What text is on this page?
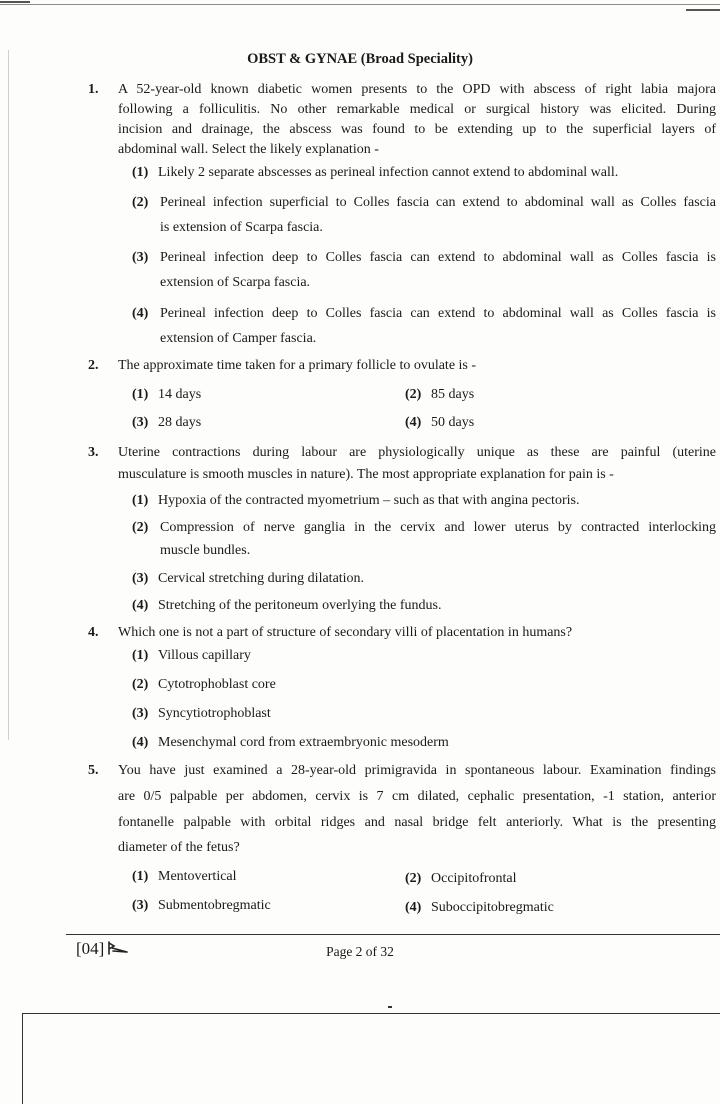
OBST & GYNAE (Broad Speciality)
1. A 52-year-old known diabetic women presents to the OPD with abscess of right labia majora
following a folliculitis. No other remarkable medical or surgical history was elicited. During
incision and drainage, the abscess was found to be extending up to the superficial layers of
abdominal wall. Select the likely explanation -
(1) Likely 2 separate abscesses as perineal infection cannot extend to abdominal wall.
(2) Perineal infection superficial to Colles fascia can extend to abdominal wall as Colles fascia
is extension of Scarpa fascia.
(3) Perineal infection deep to Colles fascia can extend to abdominal wall as Colles fascia is
extension of Scarpa fascia.
(4) Perineal infection deep to Colles fascia can extend to abdominal wall as Colles fascia is
extension of Camper fascia.
2. The approximate time taken for a primary follicle to ovulate is -
(1) 14 days	(2) 85 days
(3) 28 days	(4) 50 days
3. Uterine contractions during labour are physiologically unique as these are painful (uterine
musculature is smooth muscles in nature). The most appropriate explanation for pain is -
(1) Hypoxia of the contracted myometrium – such as that with angina pectoris.
(2) Compression of nerve ganglia in the cervix and lower uterus by contracted interlocking
muscle bundles.
(3) Cervical stretching during dilatation.
(4) Stretching of the peritoneum overlying the fundus.
4. Which one is not a part of structure of secondary villi of placentation in humans?
(1) Villous capillary
(2) Cytotrophoblast core
(3) Syncytiotrophoblast
(4) Mesenchymal cord from extraembryonic mesoderm
5. You have just examined a 28-year-old primigravida in spontaneous labour. Examination findings
are 0/5 palpable per abdomen, cervix is 7 cm dilated, cephalic presentation, -1 station, anterior
fontanelle palpable with orbital ridges and nasal bridge felt anteriorly. What is the presenting
diameter of the fetus?
(1) Mentovertical	(2) Occipitofrontal
(3) Submentobregmatic	(4) Suboccipitobregmatic
[04]	Page 2 of 32
